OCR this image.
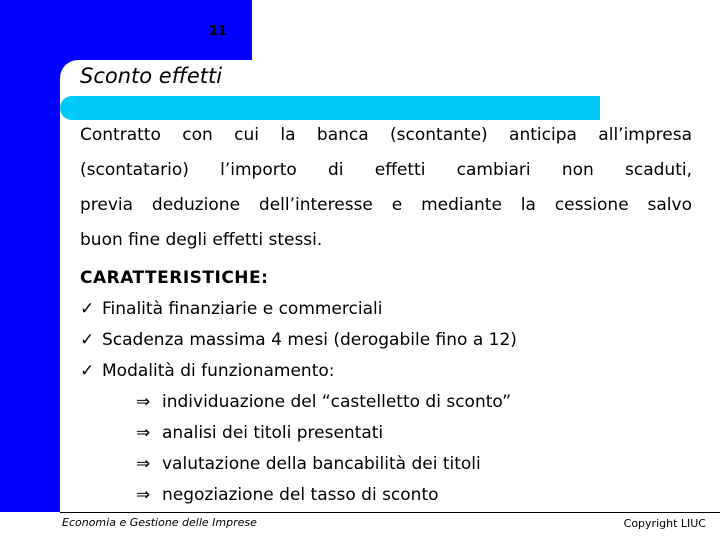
11
Sconto effetti
Contratto con cui la banca (scontante) anticipa all’impresa
(scontatario) l’importo di effetti cambiari non scaduti,
previa deduzione dell’interesse e mediante la cessione salvo
buon fine degli effetti stessi.
CARATTERISTICHE:
✓ Finalità finanziarie e commerciali
✓ Scadenza massima 4 mesi (derogabile fino a 12)
✓ Modalità di funzionamento:
⇒ individuazione del “castelletto di sconto”
⇒ analisi dei titoli presentati
⇒ valutazione della bancabilità dei titoli
⇒ negoziazione del tasso di sconto
Economia e Gestione delle Imprese	Copyright LIUC
